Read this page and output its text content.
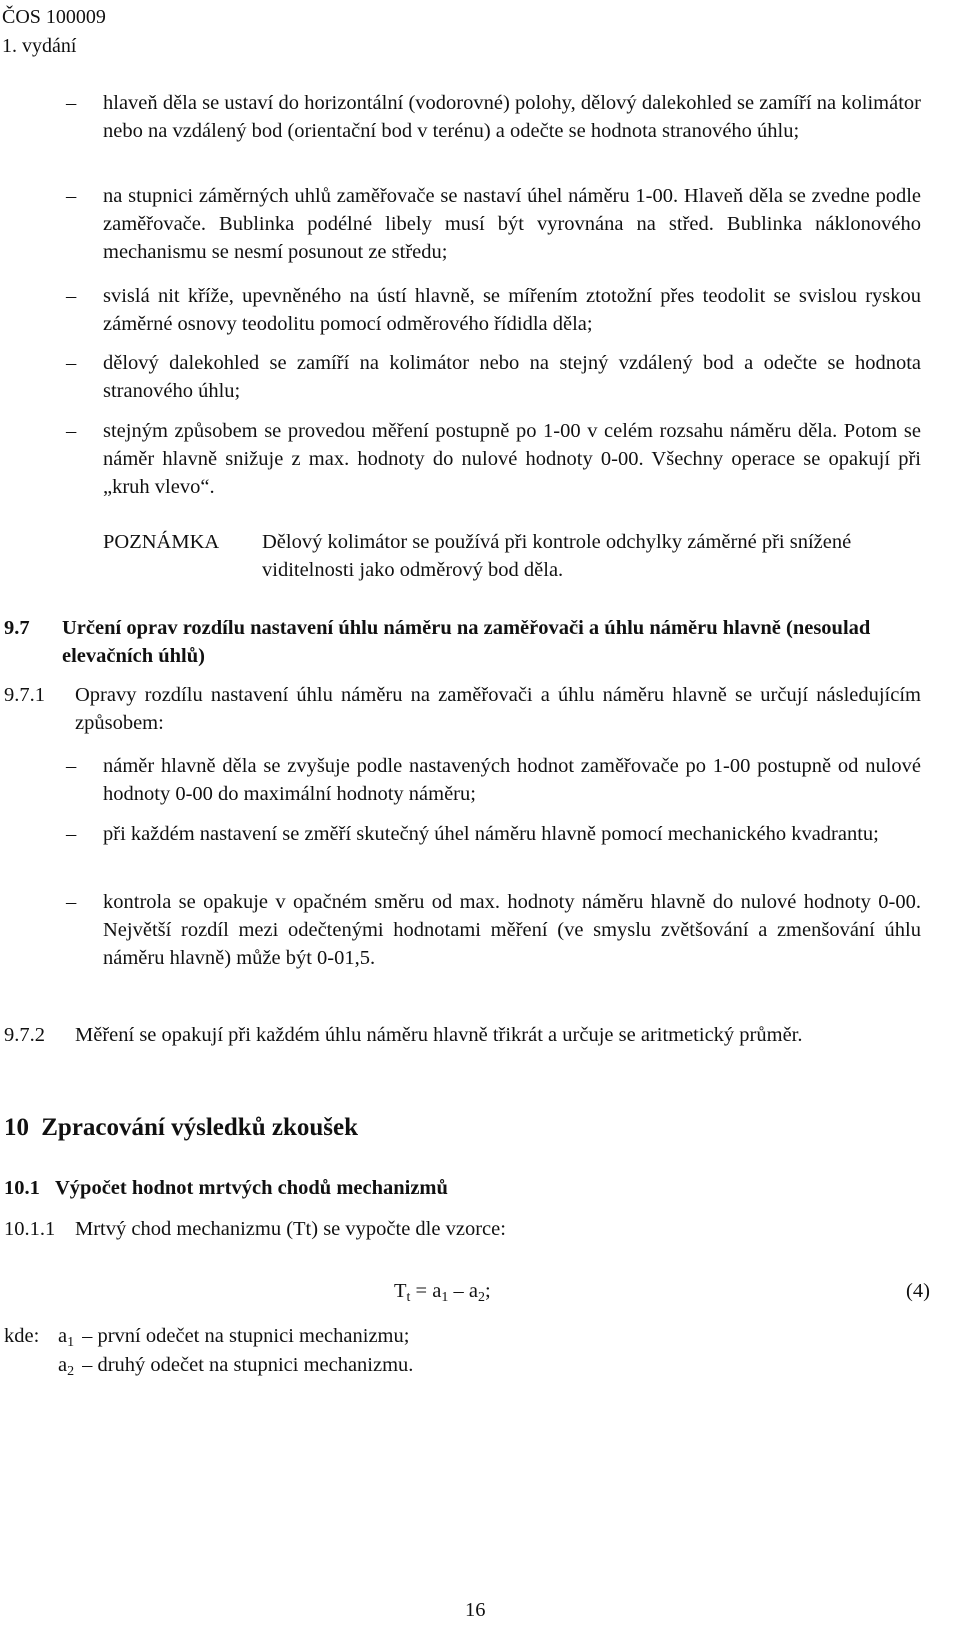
ČOS 100009
1. vydání
– hlaveň děla se ustaví do horizontální (vodorovné) polohy, dělový dalekohled se zamíří na kolimátor nebo na vzdálený bod (orientační bod v terénu) a odečte se hodnota stranového úhlu;
– na stupnici záměrných uhlů zaměřovače se nastaví úhel náměru 1-00. Hlaveň děla se zvedne podle zaměřovače. Bublinka podélné libely musí být vyrovnána na střed. Bublinka náklonového mechanismu se nesmí posunout ze středu;
– svislá nit kříže, upevněného na ústí hlavně, se mířením ztotožní přes teodolit se svislou ryskou záměrné osnovy teodolitu pomocí odměrového řídidla děla;
– dělový dalekohled se zamíří na kolimátor nebo na stejný vzdálený bod a odečte se hodnota stranového úhlu;
– stejným způsobem se provedou měření postupně po 1-00 v celém rozsahu náměru děla. Potom se náměr hlavně snižuje z max. hodnoty do nulové hodnoty 0-00. Všechny operace se opakují při „kruh vlevo“.
POZNÁMKA Dělový kolimátor se používá při kontrole odchylky záměrné při snížené viditelnosti jako odměrový bod děla.
9.7 Určení oprav rozdílu nastavení úhlu náměru na zaměřovači a úhlu náměru hlavně (nesoulad elevačních úhlů)
9.7.1 Opravy rozdílu nastavení úhlu náměru na zaměřovači a úhlu náměru hlavně se určují následujícím způsobem:
– náměr hlavně děla se zvyšuje podle nastavených hodnot zaměřovače po 1-00 postupně od nulové hodnoty 0-00 do maximální hodnoty náměru;
– při každém nastavení se změří skutečný úhel náměru hlavně pomocí mechanického kvadrantu;
– kontrola se opakuje v opačném směru od max. hodnoty náměru hlavně do nulové hodnoty 0-00. Největší rozdíl mezi odečtenými hodnotami měření (ve smyslu zvětšování a zmenšování úhlu náměru hlavně) může být 0-01,5.
9.7.2 Měření se opakují při každém úhlu náměru hlavně třikrát a určuje se aritmetický průměr.
10 Zpracování výsledků zkoušek
10.1 Výpočet hodnot mrtvých chodů mechanizmů
10.1.1 Mrtvý chod mechanizmu (Tt) se vypočte dle vzorce:
$T_t = a_1 - a_2$;	(4)
kde: $a_1$ – první odečet na stupnici mechanizmu;
$a_2$ – druhý odečet na stupnici mechanizmu.
16
